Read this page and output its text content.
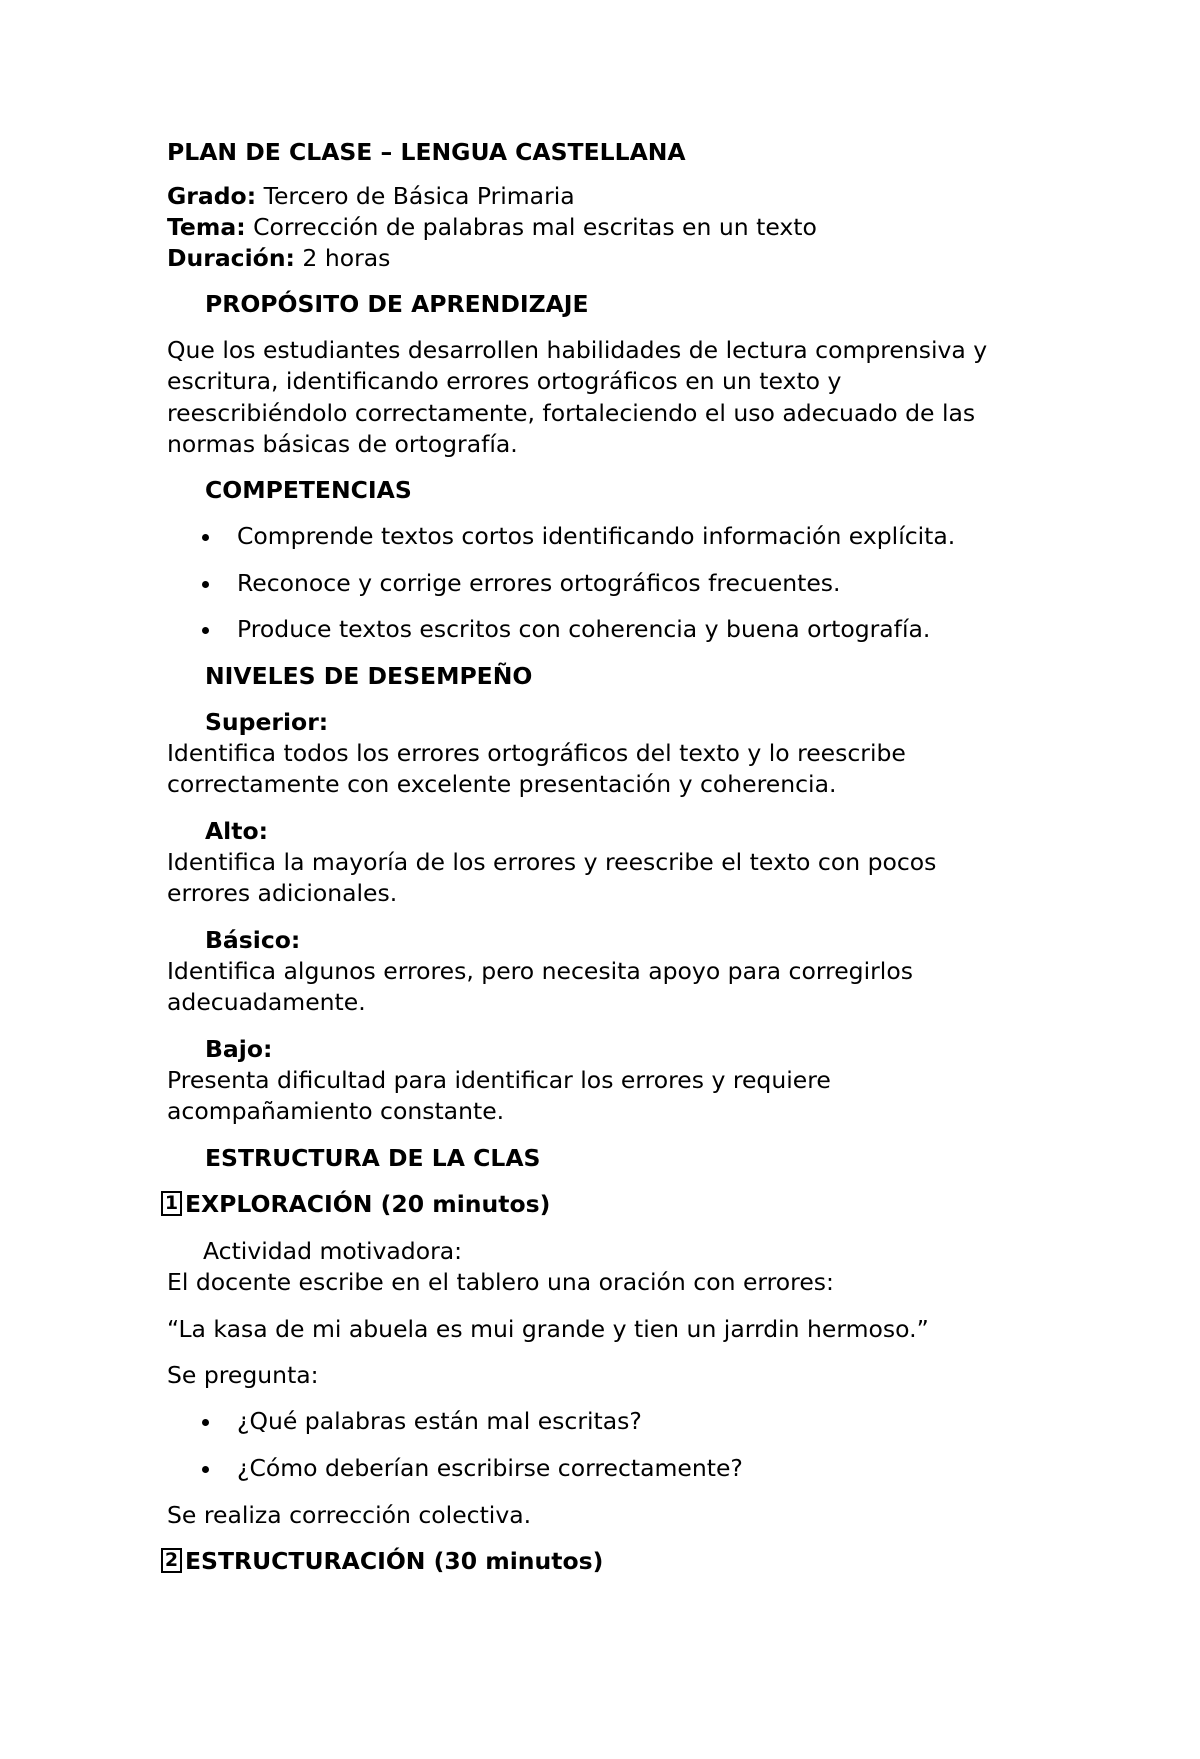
PLAN DE CLASE – LENGUA CASTELLANA
Grado: Tercero de Básica Primaria
Tema: Corrección de palabras mal escritas en un texto
Duración: 2 horas
PROPÓSITO DE APRENDIZAJE
Que los estudiantes desarrollen habilidades de lectura comprensiva y
escritura, identificando errores ortográficos en un texto y
reescribiéndolo correctamente, fortaleciendo el uso adecuado de las
normas básicas de ortografía.
COMPETENCIAS
Comprende textos cortos identificando información explícita.
Reconoce y corrige errores ortográficos frecuentes.
Produce textos escritos con coherencia y buena ortografía.
NIVELES DE DESEMPEÑO
Superior:
Identifica todos los errores ortográficos del texto y lo reescribe
correctamente con excelente presentación y coherencia.
Alto:
Identifica la mayoría de los errores y reescribe el texto con pocos
errores adicionales.
Básico:
Identifica algunos errores, pero necesita apoyo para corregirlos
adecuadamente.
Bajo:
Presenta dificultad para identificar los errores y requiere
acompañamiento constante.
ESTRUCTURA DE LA CLAS
1 EXPLORACIÓN (20 minutos)
Actividad motivadora:
El docente escribe en el tablero una oración con errores:
“La kasa de mi abuela es mui grande y tien un jarrdin hermoso.”
Se pregunta:
¿Qué palabras están mal escritas?
¿Cómo deberían escribirse correctamente?
Se realiza corrección colectiva.
2 ESTRUCTURACIÓN (30 minutos)
